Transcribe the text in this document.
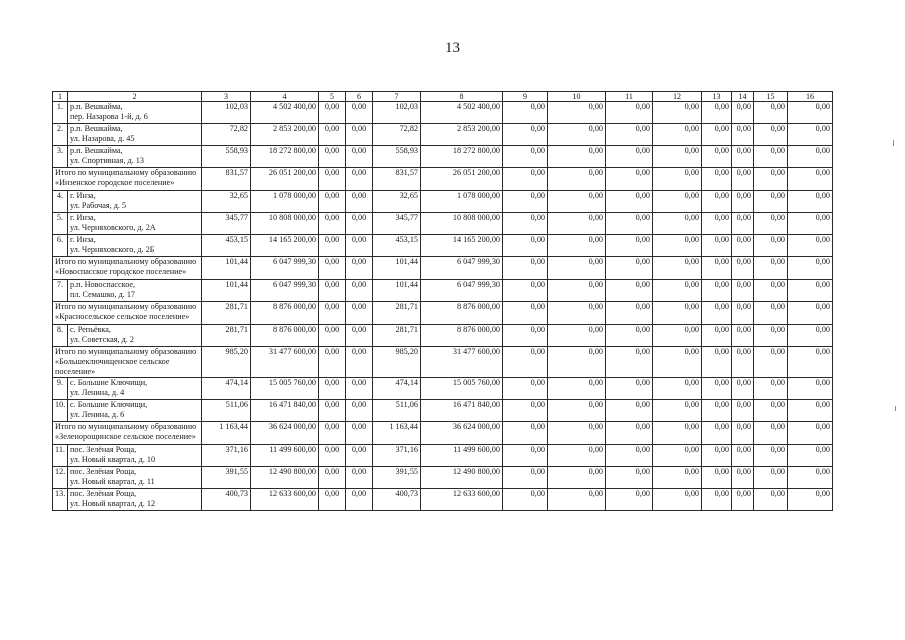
13
1	2	3	4	5	6	7	8	9	10	11	12	13	14	15	16
1.	р.п. Вешкайма,
пер. Назарова 1-й, д. 6	102,03	4 502 400,00	0,00	0,00	102,03	4 502 400,00	0,00	0,00	0,00	0,00	0,00	0,00	0,00	0,00
2.	р.п. Вешкайма,
ул. Назарова, д. 45	72,82	2 853 200,00	0,00	0,00	72,82	2 853 200,00	0,00	0,00	0,00	0,00	0,00	0,00	0,00	0,00
3.	р.п. Вешкайма,
ул. Спортивная, д. 13	558,93	18 272 800,00	0,00	0,00	558,93	18 272 800,00	0,00	0,00	0,00	0,00	0,00	0,00	0,00	0,00
Итого по муниципальному образованию «Инзенское городское поселение»		831,57	26 051 200,00	0,00	0,00	831,57	26 051 200,00	0,00	0,00	0,00	0,00	0,00	0,00	0,00	0,00
4.	г. Инза,
ул. Рабочая, д. 5	32,65	1 078 000,00	0,00	0,00	32,65	1 078 000,00	0,00	0,00	0,00	0,00	0,00	0,00	0,00	0,00
5.	г. Инза,
ул. Черняховского, д. 2А	345,77	10 808 000,00	0,00	0,00	345,77	10 808 000,00	0,00	0,00	0,00	0,00	0,00	0,00	0,00	0,00
6.	г. Инза,
ул. Черняховского, д. 2Б	453,15	14 165 200,00	0,00	0,00	453,15	14 165 200,00	0,00	0,00	0,00	0,00	0,00	0,00	0,00	0,00
Итого по муниципальному образованию «Новоспасское городское поселение»		101,44	6 047 999,30	0,00	0,00	101,44	6 047 999,30	0,00	0,00	0,00	0,00	0,00	0,00	0,00	0,00
7.	р.п. Новоспасское,
пл. Семашко, д. 17	101,44	6 047 999,30	0,00	0,00	101,44	6 047 999,30	0,00	0,00	0,00	0,00	0,00	0,00	0,00	0,00
Итого по муниципальному образованию «Красносельское сельское поселение»		281,71	8 876 000,00	0,00	0,00	281,71	8 876 000,00	0,00	0,00	0,00	0,00	0,00	0,00	0,00	0,00
8.	с. Репьёвка,
ул. Советская, д. 2	281,71	8 876 000,00	0,00	0,00	281,71	8 876 000,00	0,00	0,00	0,00	0,00	0,00	0,00	0,00	0,00
Итого по муниципальному образованию «Большеключищенское сельское поселение»		985,20	31 477 600,00	0,00	0,00	985,20	31 477 600,00	0,00	0,00	0,00	0,00	0,00	0,00	0,00	0,00
9.	с. Большие Ключищи,
ул. Ленина, д. 4	474,14	15 005 760,00	0,00	0,00	474,14	15 005 760,00	0,00	0,00	0,00	0,00	0,00	0,00	0,00	0,00
10.	с. Большие Ключищи,
ул. Ленина, д. 6	511,06	16 471 840,00	0,00	0,00	511,06	16 471 840,00	0,00	0,00	0,00	0,00	0,00	0,00	0,00	0,00
Итого по муниципальному образованию «Зеленорощинское сельское поселение»		1 163,44	36 624 000,00	0,00	0,00	1 163,44	36 624 000,00	0,00	0,00	0,00	0,00	0,00	0,00	0,00	0,00
11.	пос. Зелёная Роща,
ул. Новый квартал, д. 10	371,16	11 499 600,00	0,00	0,00	371,16	11 499 600,00	0,00	0,00	0,00	0,00	0,00	0,00	0,00	0,00
12.	пос. Зелёная Роща,
ул. Новый квартал, д. 11	391,55	12 490 800,00	0,00	0,00	391,55	12 490 800,00	0,00	0,00	0,00	0,00	0,00	0,00	0,00	0,00
13.	пос. Зелёная Роща,
ул. Новый квартал, д. 12	400,73	12 633 600,00	0,00	0,00	400,73	12 633 600,00	0,00	0,00	0,00	0,00	0,00	0,00	0,00	0,00
